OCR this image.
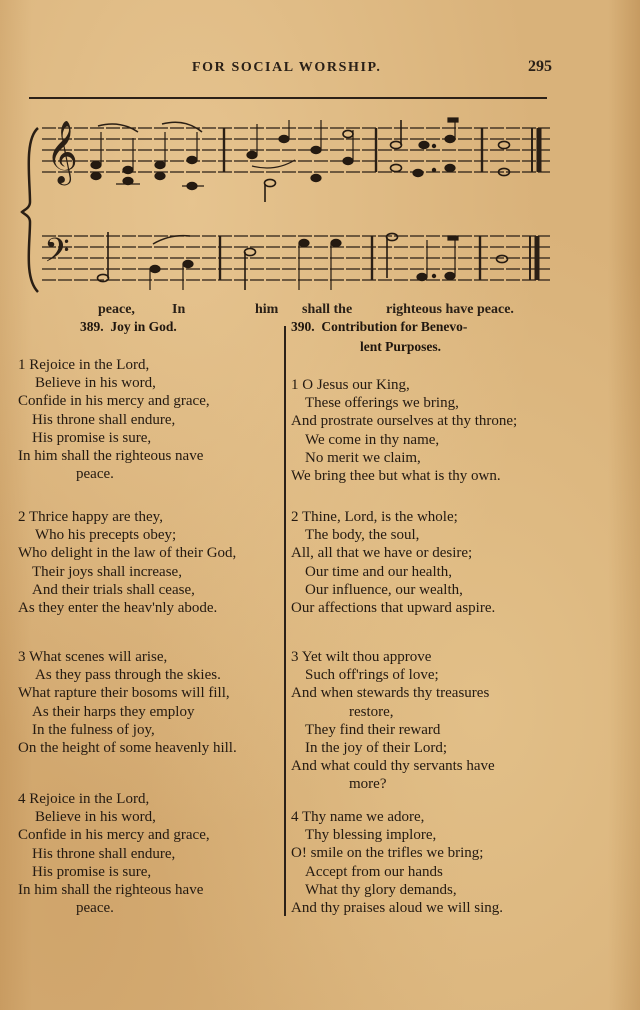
FOR SOCIAL WORSHIP.	295
𝄞
𝄢
peace,	In	him shall the righteous have peace.
389. Joy in God.
1 Rejoice in the Lord,
Believe in his word,
Confide in his mercy and grace,
His throne shall endure,
His promise is sure,
In him shall the righteous nave
peace.
2 Thrice happy are they,
Who his precepts obey;
Who delight in the law of their God,
Their joys shall increase,
And their trials shall cease,
As they enter the heav'nly abode.
3 What scenes will arise,
As they pass through the skies.
What rapture their bosoms will fill,
As their harps they employ
In the fulness of joy,
On the height of some heavenly hill.
4 Rejoice in the Lord,
Believe in his word,
Confide in his mercy and grace,
His throne shall endure,
His promise is sure,
In him shall the righteous have
peace.
390. Contribution for Benevo-
lent Purposes.
1 O Jesus our King,
These offerings we bring,
And prostrate ourselves at thy throne;
We come in thy name,
No merit we claim,
We bring thee but what is thy own.
2 Thine, Lord, is the whole;
The body, the soul,
All, all that we have or desire;
Our time and our health,
Our influence, our wealth,
Our affections that upward aspire.
3 Yet wilt thou approve
Such off'rings of love;
And when stewards thy treasures
restore,
They find their reward
In the joy of their Lord;
And what could thy servants have
more?
4 Thy name we adore,
Thy blessing implore,
O! smile on the trifles we bring;
Accept from our hands
What thy glory demands,
And thy praises aloud we will sing.
